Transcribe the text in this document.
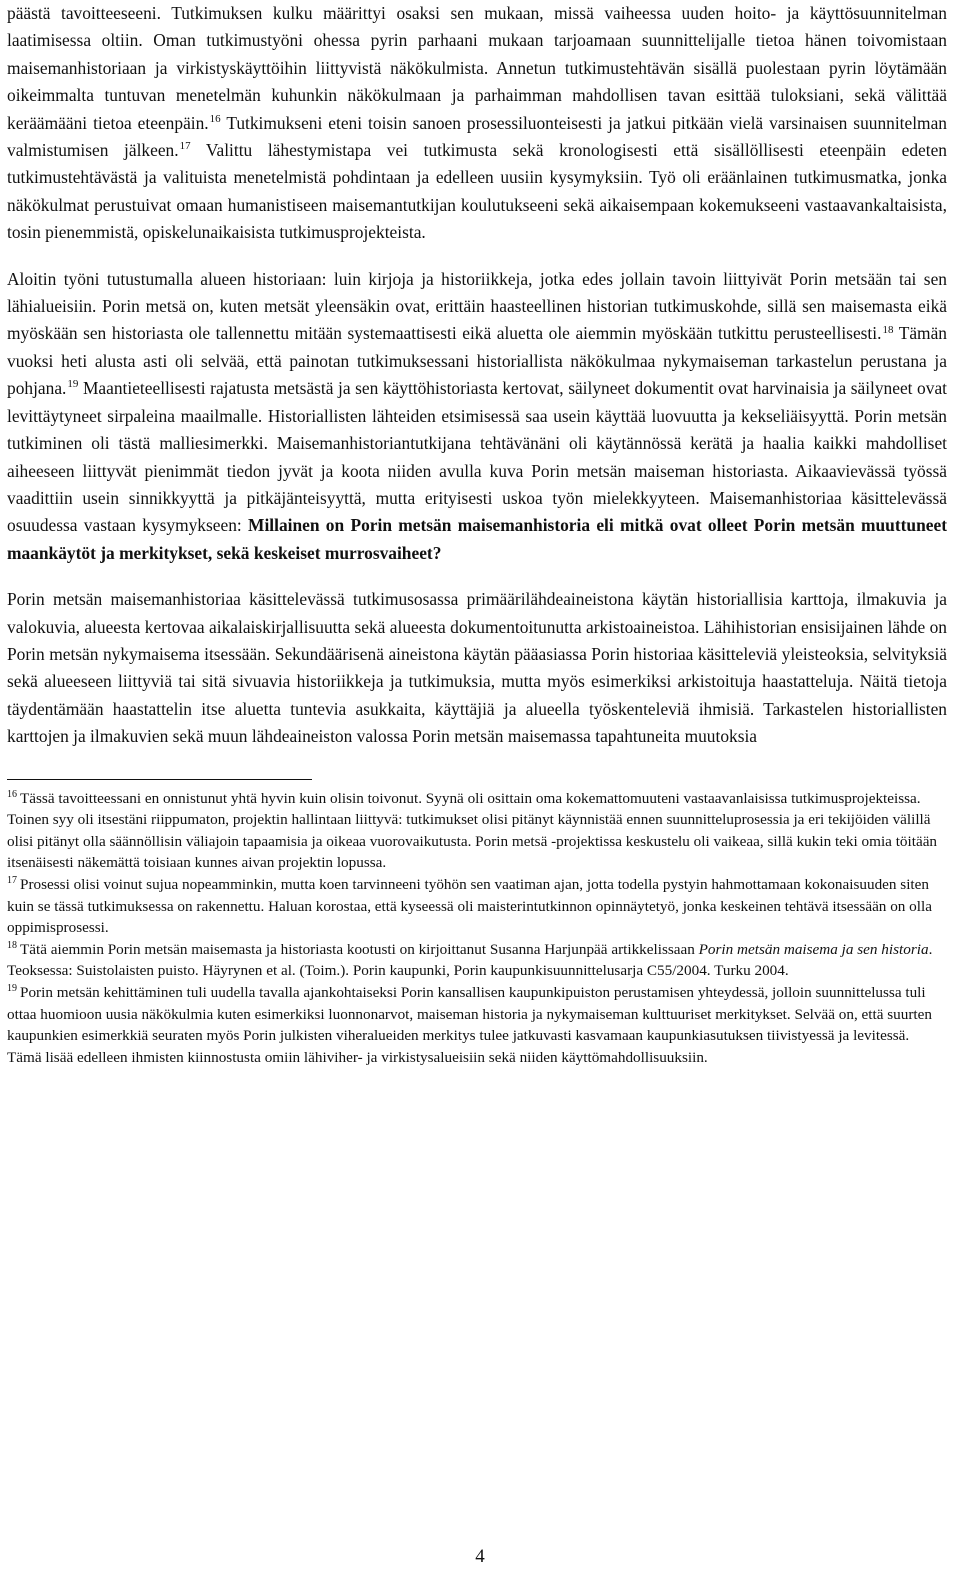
päästä tavoitteeseeni. Tutkimuksen kulku määrittyi osaksi sen mukaan, missä vaiheessa uuden hoito- ja käyttösuunnitelman laatimisessa oltiin. Oman tutkimustyöni ohessa pyrin parhaani mukaan tarjoamaan suunnittelijalle tietoa hänen toivomistaan maisemanhistoriaan ja virkistyskäyttöihin liittyvistä näkökulmista. Annetun tutkimustehtävän sisällä puolestaan pyrin löytämään oikeimmalta tuntuvan menetelmän kuhunkin näkökulmaan ja parhaimman mahdollisen tavan esittää tuloksiani, sekä välittää keräämääni tietoa eteenpäin.$^{16}$ Tutkimukseni eteni toisin sanoen prosessiluonteisesti ja jatkui pitkään vielä varsinaisen suunnitelman valmistumisen jälkeen.$^{17}$ Valittu lähestymistapa vei tutkimusta sekä kronologisesti että sisällöllisesti eteenpäin edeten tutkimustehtävästä ja valituista menetelmistä pohdintaan ja edelleen uusiin kysymyksiin. Työ oli eräänlainen tutkimusmatka, jonka näkökulmat perustuivat omaan humanistiseen maisemantutkijan koulutukseeni sekä aikaisempaan kokemukseeni vastaavankaltaisista, tosin pienemmistä, opiskelunaikaisista tutkimusprojekteista.

Aloitin työni tutustumalla alueen historiaan: luin kirjoja ja historiikkeja, jotka edes jollain tavoin liittyivät Porin metsään tai sen lähialueisiin. Porin metsä on, kuten metsät yleensäkin ovat, erittäin haasteellinen historian tutkimuskohde, sillä sen maisemasta eikä myöskään sen historiasta ole tallennettu mitään systemaattisesti eikä aluetta ole aiemmin myöskään tutkittu perusteellisesti.$^{18}$ Tämän vuoksi heti alusta asti oli selvää, että painotan tutkimuksessani historiallista näkökulmaa nykymaiseman tarkastelun perustana ja pohjana.$^{19}$ Maantieteellisesti rajatusta metsästä ja sen käyttöhistoriasta kertovat, säilyneet dokumentit ovat harvinaisia ja säilyneet ovat levittäytyneet sirpaleina maailmalle. Historiallisten lähteiden etsimisessä saa usein käyttää luovuutta ja kekseliäisyyttä. Porin metsän tutkiminen oli tästä malliesimerkki. Maisemanhistoriantutkijana tehtävänäni oli käytännössä kerätä ja haalia kaikki mahdolliset aiheeseen liittyvät pienimmät tiedon jyvät ja koota niiden avulla kuva Porin metsän maiseman historiasta. Aikaavievässä työssä vaadittiin usein sinnikkyyttä ja pitkäjänteisyyttä, mutta erityisesti uskoa työn mielekkyyteen. Maisemanhistoriaa käsittelevässä osuudessa vastaan kysymykseen: Millainen on Porin metsän maisemanhistoria eli mitkä ovat olleet Porin metsän muuttuneet maankäytöt ja merkitykset, sekä keskeiset murrosvaiheet?

Porin metsän maisemanhistoriaa käsittelevässä tutkimusosassa primäärilähdeaineistona käytän historiallisia karttoja, ilmakuvia ja valokuvia, alueesta kertovaa aikalaiskirjallisuutta sekä alueesta dokumentoitunutta arkistoaineistoa. Lähihistorian ensisijainen lähde on Porin metsän nykymaisema itsessään. Sekundäärisenä aineistona käytän pääasiassa Porin historiaa käsitteleviä yleisteoksia, selvityksiä sekä alueeseen liittyviä tai sitä sivuavia historiikkeja ja tutkimuksia, mutta myös esimerkiksi arkistoituja haastatteluja. Näitä tietoja täydentämään haastattelin itse aluetta tuntevia asukkaita, käyttäjiä ja alueella työskenteleviä ihmisiä. Tarkastelen historiallisten karttojen ja ilmakuvien sekä muun lähdeaineiston valossa Porin metsän maisemassa tapahtuneita muutoksia

$^{16}$ Tässä tavoitteessani en onnistunut yhtä hyvin kuin olisin toivonut. Syynä oli osittain oma kokemattomuuteni vastaavanlaisissa tutkimusprojekteissa. Toinen syy oli itsestäni riippumaton, projektin hallintaan liittyvä: tutkimukset olisi pitänyt käynnistää ennen suunnitteluprosessia ja eri tekijöiden välillä olisi pitänyt olla säännöllisin väliajoin tapaamisia ja oikeaa vuorovaikutusta. Porin metsä -projektissa keskustelu oli vaikeaa, sillä kukin teki omia töitään itsenäisesti näkemättä toisiaan kunnes aivan projektin lopussa.

$^{17}$ Prosessi olisi voinut sujua nopeamminkin, mutta koen tarvinneeni työhön sen vaatiman ajan, jotta todella pystyin hahmottamaan kokonaisuuden siten kuin se tässä tutkimuksessa on rakennettu. Haluan korostaa, että kyseessä oli maisterintutkinnon opinnäytetyö, jonka keskeinen tehtävä itsessään on olla oppimisprosessi.

$^{18}$ Tätä aiemmin Porin metsän maisemasta ja historiasta kootusti on kirjoittanut Susanna Harjunpää artikkelissaan Porin metsän maisema ja sen historia. Teoksessa: Suistolaisten puisto. Häyrynen et al. (Toim.). Porin kaupunki, Porin kaupunkisuunnittelusarja C55/2004. Turku 2004.

$^{19}$ Porin metsän kehittäminen tuli uudella tavalla ajankohtaiseksi Porin kansallisen kaupunkipuiston perustamisen yhteydessä, jolloin suunnittelussa tuli ottaa huomioon uusia näkökulmia kuten esimerkiksi luonnonarvot, maiseman historia ja nykymaiseman kulttuuriset merkitykset. Selvää on, että suurten kaupunkien esimerkkiä seuraten myös Porin julkisten viheralueiden merkitys tulee jatkuvasti kasvamaan kaupunkiasutuksen tiivistyessä ja levitessä. Tämä lisää edelleen ihmisten kiinnostusta omiin lähiviher- ja virkistysalueisiin sekä niiden käyttömahdollisuuksiin.

4
